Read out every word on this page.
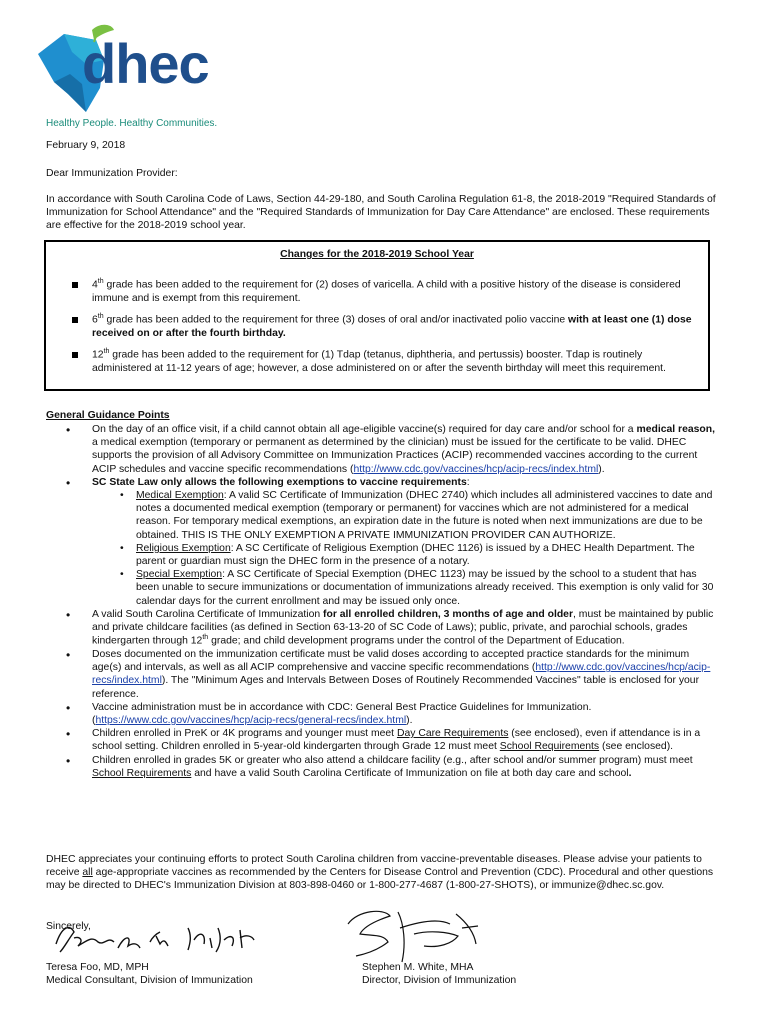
dhec
Healthy People. Healthy Communities.

February 9, 2018

Dear Immunization Provider:

In accordance with South Carolina Code of Laws, Section 44-29-180, and South Carolina Regulation 61-8, the 2018-2019 "Required Standards of Immunization for School Attendance" and the "Required Standards of Immunization for Day Care Attendance" are enclosed. These requirements are effective for the 2018-2019 school year.

Changes for the 2018-2019 School Year
4th grade has been added to the requirement for (2) doses of varicella. A child with a positive history of the disease is considered immune and is exempt from this requirement.
6th grade has been added to the requirement for three (3) doses of oral and/or inactivated polio vaccine with at least one (1) dose received on or after the fourth birthday.
12th grade has been added to the requirement for (1) Tdap (tetanus, diphtheria, and pertussis) booster. Tdap is routinely administered at 11-12 years of age; however, a dose administered on or after the seventh birthday will meet this requirement.
General Guidance Points
• On the day of an office visit, if a child cannot obtain all age-eligible vaccine(s) required for day care and/or school for a medical reason, a medical exemption (temporary or permanent as determined by the clinician) must be issued for the certificate to be valid. DHEC supports the provision of all Advisory Committee on Immunization Practices (ACIP) recommended vaccines according to the current ACIP schedules and vaccine specific recommendations (http://www.cdc.gov/vaccines/hcp/acip-recs/index.html).
• SC State Law only allows the following exemptions to vaccine requirements:
• Medical Exemption: A valid SC Certificate of Immunization (DHEC 2740) which includes all administered vaccines to date and notes a documented medical exemption (temporary or permanent) for vaccines which are not administered for a medical reason. For temporary medical exemptions, an expiration date in the future is noted when next immunizations are due to be obtained. THIS IS THE ONLY EXEMPTION A PRIVATE IMMUNIZATION PROVIDER CAN AUTHORIZE.
• Religious Exemption: A SC Certificate of Religious Exemption (DHEC 1126) is issued by a DHEC Health Department. The parent or guardian must sign the DHEC form in the presence of a notary.
• Special Exemption: A SC Certificate of Special Exemption (DHEC 1123) may be issued by the school to a student that has been unable to secure immunizations or documentation of immunizations already received. This exemption is only valid for 30 calendar days for the current enrollment and may be issued only once.
• A valid South Carolina Certificate of Immunization for all enrolled children, 3 months of age and older, must be maintained by public and private childcare facilities (as defined in Section 63-13-20 of SC Code of Laws); public, private, and parochial schools, grades kindergarten through 12th grade; and child development programs under the control of the Department of Education.
• Doses documented on the immunization certificate must be valid doses according to accepted practice standards for the minimum age(s) and intervals, as well as all ACIP comprehensive and vaccine specific recommendations (http://www.cdc.gov/vaccines/hcp/acip-recs/index.html). The "Minimum Ages and Intervals Between Doses of Routinely Recommended Vaccines" table is enclosed for your reference.
• Vaccine administration must be in accordance with CDC: General Best Practice Guidelines for Immunization. (https://www.cdc.gov/vaccines/hcp/acip-recs/general-recs/index.html).
• Children enrolled in PreK or 4K programs and younger must meet Day Care Requirements (see enclosed), even if attendance is in a school setting. Children enrolled in 5-year-old kindergarten through Grade 12 must meet School Requirements (see enclosed).
• Children enrolled in grades 5K or greater who also attend a childcare facility (e.g., after school and/or summer program) must meet School Requirements and have a valid South Carolina Certificate of Immunization on file at both day care and school.

DHEC appreciates your continuing efforts to protect South Carolina children from vaccine-preventable diseases. Please advise your patients to receive all age-appropriate vaccines as recommended by the Centers for Disease Control and Prevention (CDC). Procedural and other questions may be directed to DHEC's Immunization Division at 803-898-0460 or 1-800-277-4687 (1-800-27-SHOTS), or immunize@dhec.sc.gov.

Sincerely,
Teresa Foo, MD, MPH
Medical Consultant, Division of Immunization
Stephen M. White, MHA
Director, Division of Immunization
